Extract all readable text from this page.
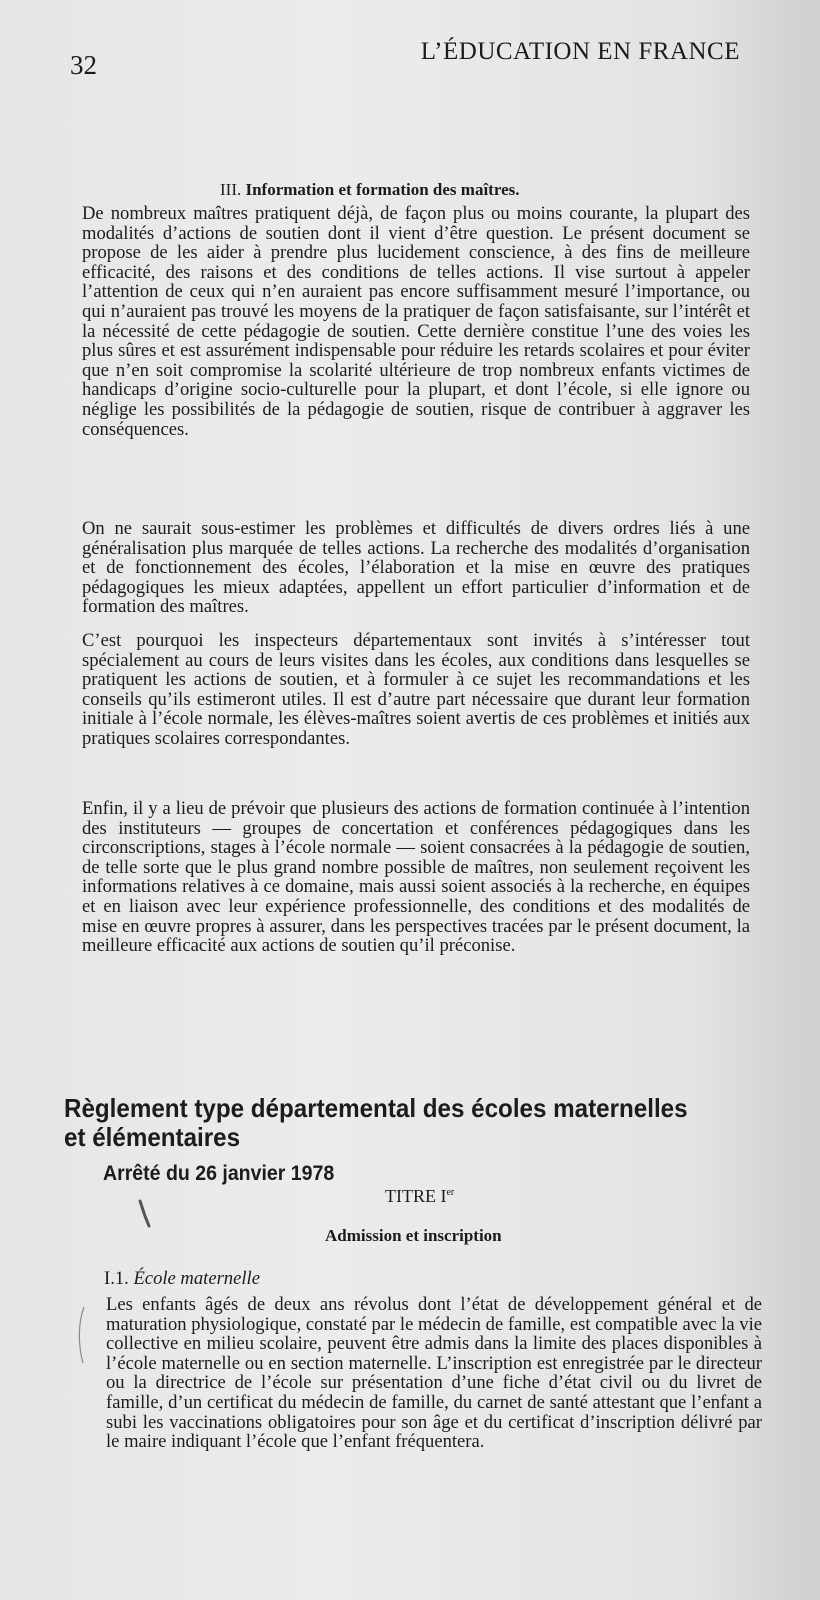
32	L’ÉDUCATION EN FRANCE
III. Information et formation des maîtres.

De nombreux maîtres pratiquent déjà, de façon plus ou moins courante, la plupart des modalités d’actions de soutien dont il vient d’être question. Le présent document se propose de les aider à prendre plus lucidement conscience, à des fins de meilleure efficacité, des raisons et des conditions de telles actions. Il vise surtout à appeler l’attention de ceux qui n’en auraient pas encore suffisamment mesuré l’importance, ou qui n’auraient pas trouvé les moyens de la pratiquer de façon satisfaisante, sur l’intérêt et la nécessité de cette pédagogie de soutien. Cette dernière constitue l’une des voies les plus sûres et est assurément indispensable pour réduire les retards scolaires et pour éviter que n’en soit compromise la scolarité ultérieure de trop nombreux enfants victimes de handicaps d’origine socio-culturelle pour la plupart, et dont l’école, si elle ignore ou néglige les possibilités de la pédagogie de soutien, risque de contribuer à aggraver les conséquences.

On ne saurait sous-estimer les problèmes et difficultés de divers ordres liés à une généralisation plus marquée de telles actions. La recherche des modalités d’organisation et de fonctionnement des écoles, l’élaboration et la mise en œuvre des pratiques pédagogiques les mieux adaptées, appellent un effort particulier d’information et de formation des maîtres.

C’est pourquoi les inspecteurs départementaux sont invités à s’intéresser tout spécialement au cours de leurs visites dans les écoles, aux conditions dans lesquelles se pratiquent les actions de soutien, et à formuler à ce sujet les recommandations et les conseils qu’ils estimeront utiles. Il est d’autre part nécessaire que durant leur formation initiale à l’école normale, les élèves-maîtres soient avertis de ces problèmes et initiés aux pratiques scolaires correspondantes.

Enfin, il y a lieu de prévoir que plusieurs des actions de formation continuée à l’intention des instituteurs — groupes de concertation et conférences pédagogiques dans les circonscriptions, stages à l’école normale — soient consacrées à la pédagogie de soutien, de telle sorte que le plus grand nombre possible de maîtres, non seulement reçoivent les informations relatives à ce domaine, mais aussi soient associés à la recherche, en équipes et en liaison avec leur expérience professionnelle, des conditions et des modalités de mise en œuvre propres à assurer, dans les perspectives tracées par le présent document, la meilleure efficacité aux actions de soutien qu’il préconise.

Règlement type départemental des écoles maternelles et élémentaires
Arrêté du 26 janvier 1978
TITRE Ier
Admission et inscription
I.1. École maternelle

Les enfants âgés de deux ans révolus dont l’état de développement général et de maturation physiologique, constaté par le médecin de famille, est compatible avec la vie collective en milieu scolaire, peuvent être admis dans la limite des places disponibles à l’école maternelle ou en section maternelle. L’inscription est enregistrée par le directeur ou la directrice de l’école sur présentation d’une fiche d’état civil ou du livret de famille, d’un certificat du médecin de famille, du carnet de santé attestant que l’enfant a subi les vaccinations obligatoires pour son âge et du certificat d’inscription délivré par le maire indiquant l’école que l’enfant fréquentera.
